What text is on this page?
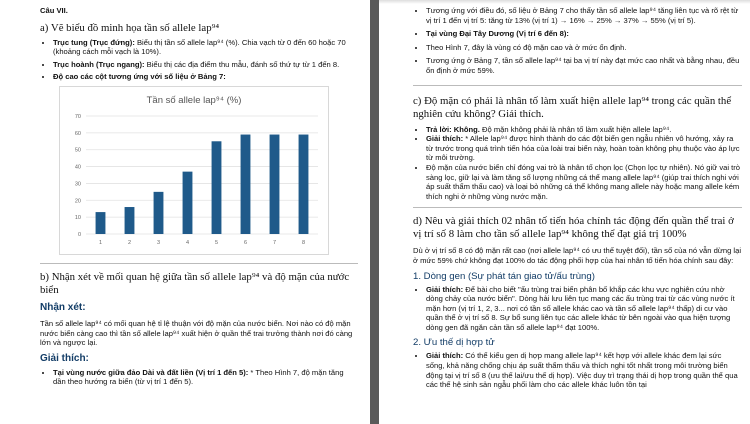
Câu VII.

a) Vẽ biểu đồ minh họa tần số allele lap⁹⁴

• Trục tung (Trục đứng): Biểu thị tần số allele lap⁹⁴ (%). Chia vạch từ 0 đến 60 hoặc 70 (khoảng cách mỗi vạch là 10%).
• Trục hoành (Trục ngang): Biểu thị các địa điểm thu mẫu, đánh số thứ tự từ 1 đến 8.
• Độ cao các cột tương ứng với số liệu ở Bảng 7:
Tần số allele lap⁹⁴ (%)
0
10
20
30
40
50
60
70
1	2	3	4	5	6	7	8

b) Nhận xét về mối quan hệ giữa tần số allele lap⁹⁴ và độ mặn của nước biển

Nhận xét:

Tần số allele lap⁹⁴ có mối quan hệ tỉ lệ thuận với độ mặn của nước biển. Nơi nào có độ mặn nước biển càng cao thì tần số allele lap⁹⁴ xuất hiện ở quần thể trai trưởng thành nơi đó càng lớn và ngược lại.

Giải thích:

• Tại vùng nước giữa đảo Dài và đất liền (Vị trí 1 đến 5): * Theo Hình 7, độ mặn tăng dần theo hướng ra biển (từ vị trí 1 đến 5).
• Tương ứng với điều đó, số liệu ở Bảng 7 cho thấy tần số allele lap⁹⁴ tăng liên tục và rõ rệt từ vị trí 1 đến vị trí 5: tăng từ 13% (vị trí 1) → 16% → 25% → 37% → 55% (vị trí 5).
• Tại vùng Đại Tây Dương (Vị trí 6 đến 8):
• Theo Hình 7, đây là vùng có độ mặn cao và ở mức ổn định.
• Tương ứng ở Bảng 7, tần số allele lap⁹⁴ tại ba vị trí này đạt mức cao nhất và bằng nhau, đều ổn định ở mức 59%.

c) Độ mặn có phải là nhân tố làm xuất hiện allele lap⁹⁴ trong các quần thể nghiên cứu không? Giải thích.

• Trả lời: Không. Độ mặn không phải là nhân tố làm xuất hiện allele lap⁹⁴.
• Giải thích: * Allele lap⁹⁴ được hình thành do các đột biến gen ngẫu nhiên vô hướng, xảy ra từ trước trong quá trình tiến hóa của loài trai biển này, hoàn toàn không phụ thuộc vào áp lực từ môi trường.
• Độ mặn của nước biển chỉ đóng vai trò là nhân tố chọn lọc (Chọn lọc tự nhiên). Nó giữ vai trò sàng lọc, giữ lại và làm tăng số lượng những cá thể mang allele lap⁹⁴ (giúp trai thích nghi với áp suất thẩm thấu cao) và loại bỏ những cá thể không mang allele này hoặc mang allele kém thích nghi ở những vùng nước mặn.

d) Nêu và giải thích 02 nhân tố tiến hóa chính tác động đến quần thể trai ở vị trí số 8 làm cho tần số allele lap⁹⁴ không thể đạt giá trị 100%

Dù ở vị trí số 8 có độ mặn rất cao (nơi allele lap⁹⁴ có ưu thế tuyệt đối), tần số của nó vẫn dừng lại ở mức 59% chứ không đạt 100% do tác động phối hợp của hai nhân tố tiến hóa chính sau đây:

1. Dòng gen (Sự phát tán giao tử/ấu trùng)

• Giải thích: Để bài cho biết "ấu trùng trai biển phân bố khắp các khu vực nghiên cứu nhờ dòng chảy của nước biển". Dòng hải lưu liên tục mang các ấu trùng trai từ các vùng nước ít mặn hơn (vị trí 1, 2, 3... nơi có tần số allele khác cao và tần số allele lap⁹⁴ thấp) di cư vào quần thể ở vị trí số 8. Sự bổ sung liên tục các allele khác từ bên ngoài vào qua hiện tượng dòng gen đã ngăn cản tần số allele lap⁹⁴ đạt 100%.

2. Ưu thế dị hợp tử

• Giải thích: Có thể kiểu gen dị hợp mang allele lap⁹⁴ kết hợp với allele khác đem lại sức sống, khả năng chống chịu áp suất thẩm thấu và thích nghi tốt nhất trong môi trường biển động tại vị trí số 8 (ưu thế lai/ưu thế dị hợp). Việc duy trì trạng thái dị hợp trong quần thể qua các thế hệ sinh sản ngẫu phối làm cho các allele khác luôn tồn tại
